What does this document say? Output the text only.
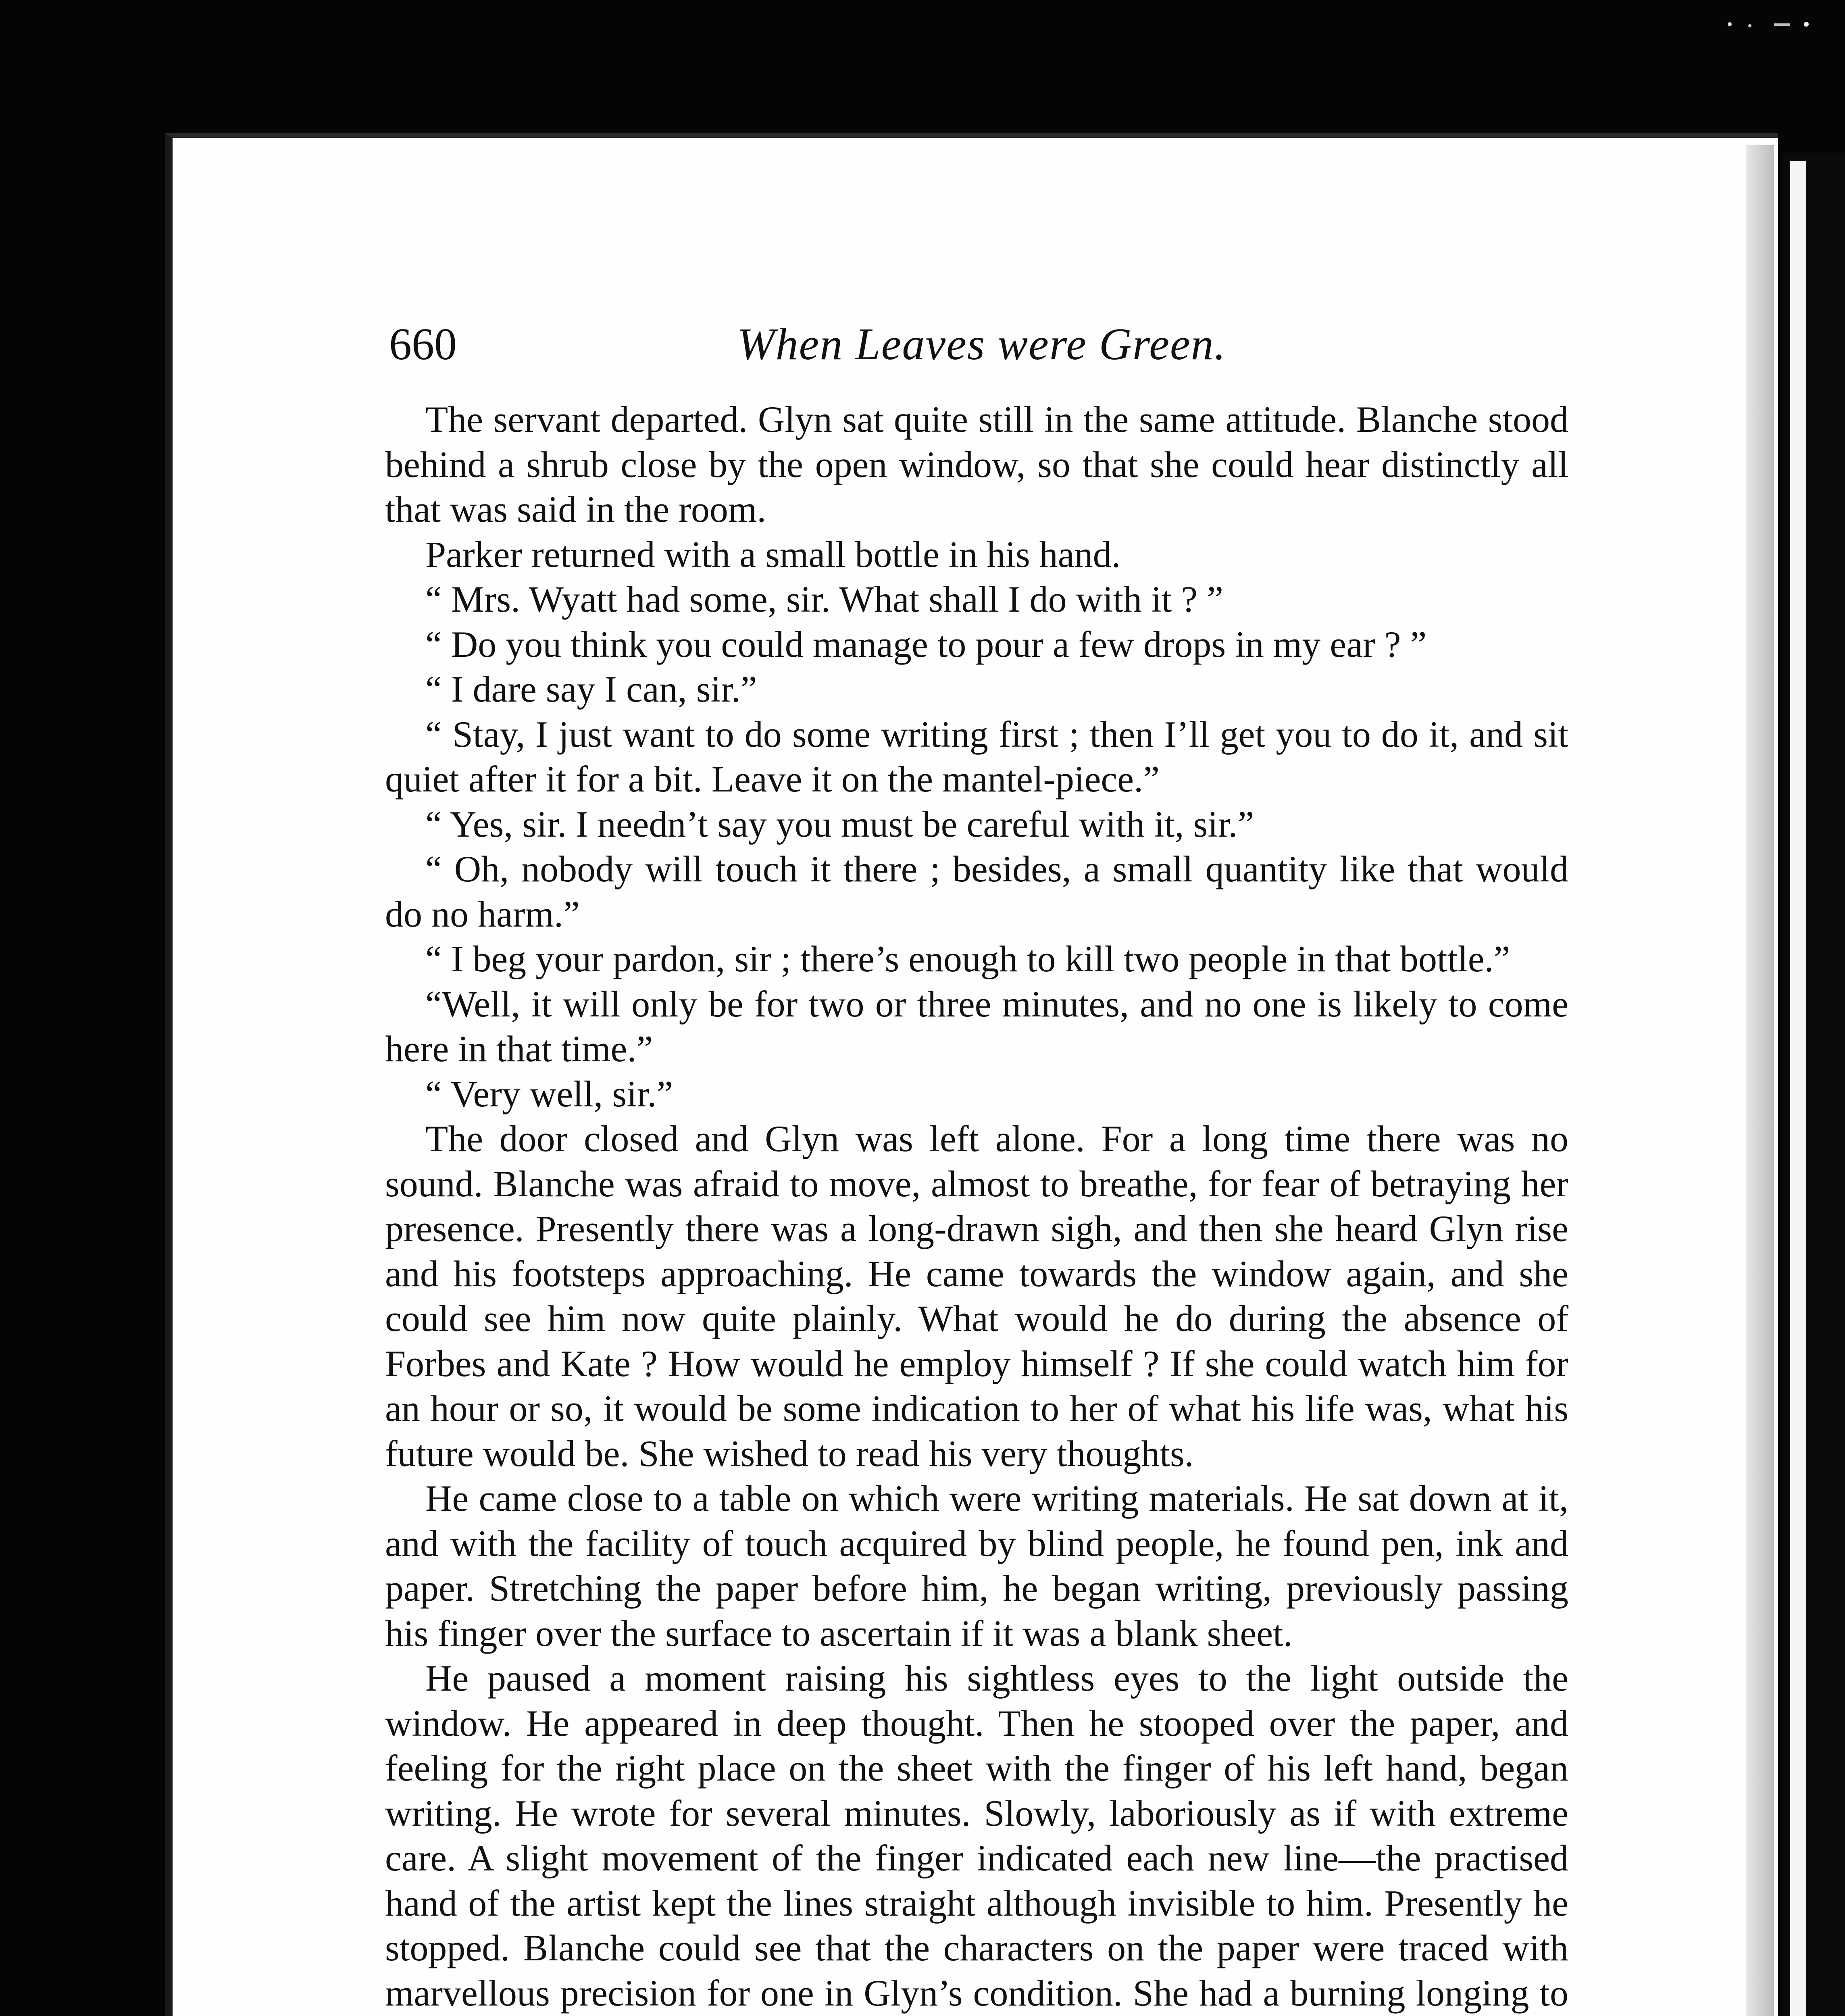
660	When Leaves were Green.

The servant departed. Glyn sat quite still in the same attitude. Blanche stood behind a shrub close by the open window, so that she could hear distinctly all that was said in the room.

Parker returned with a small bottle in his hand.

“ Mrs. Wyatt had some, sir. What shall I do with it ? ”

“ Do you think you could manage to pour a few drops in my ear ? ”

“ I dare say I can, sir.”

“ Stay, I just want to do some writing first ; then I’ll get you to do it, and sit quiet after it for a bit. Leave it on the mantel-piece.”

“ Yes, sir. I needn’t say you must be careful with it, sir.”

“ Oh, nobody will touch it there ; besides, a small quantity like that would do no harm.”

“ I beg your pardon, sir ; there’s enough to kill two people in that bottle.”

“Well, it will only be for two or three minutes, and no one is likely to come here in that time.”

“ Very well, sir.”

The door closed and Glyn was left alone. For a long time there was no sound. Blanche was afraid to move, almost to breathe, for fear of betraying her presence. Presently there was a long-drawn sigh, and then she heard Glyn rise and his footsteps approaching. He came towards the window again, and she could see him now quite plainly. What would he do during the absence of Forbes and Kate ? How would he employ himself ? If she could watch him for an hour or so, it would be some indication to her of what his life was, what his future would be. She wished to read his very thoughts.

He came close to a table on which were writing materials. He sat down at it, and with the facility of touch acquired by blind people, he found pen, ink and paper. Stretching the paper before him, he began writing, previously passing his finger over the surface to ascertain if it was a blank sheet.

He paused a moment raising his sightless eyes to the light outside the window. He appeared in deep thought. Then he stooped over the paper, and feeling for the right place on the sheet with the finger of his left hand, began writing. He wrote for several minutes. Slowly, laboriously as if with extreme care. A slight movement of the finger indicated each new line—the practised hand of the artist kept the lines straight although invisible to him. Presently he stopped. Blanche could see that the characters on the paper were traced with marvellous precision for one in Glyn’s condition. She had a burning longing to
